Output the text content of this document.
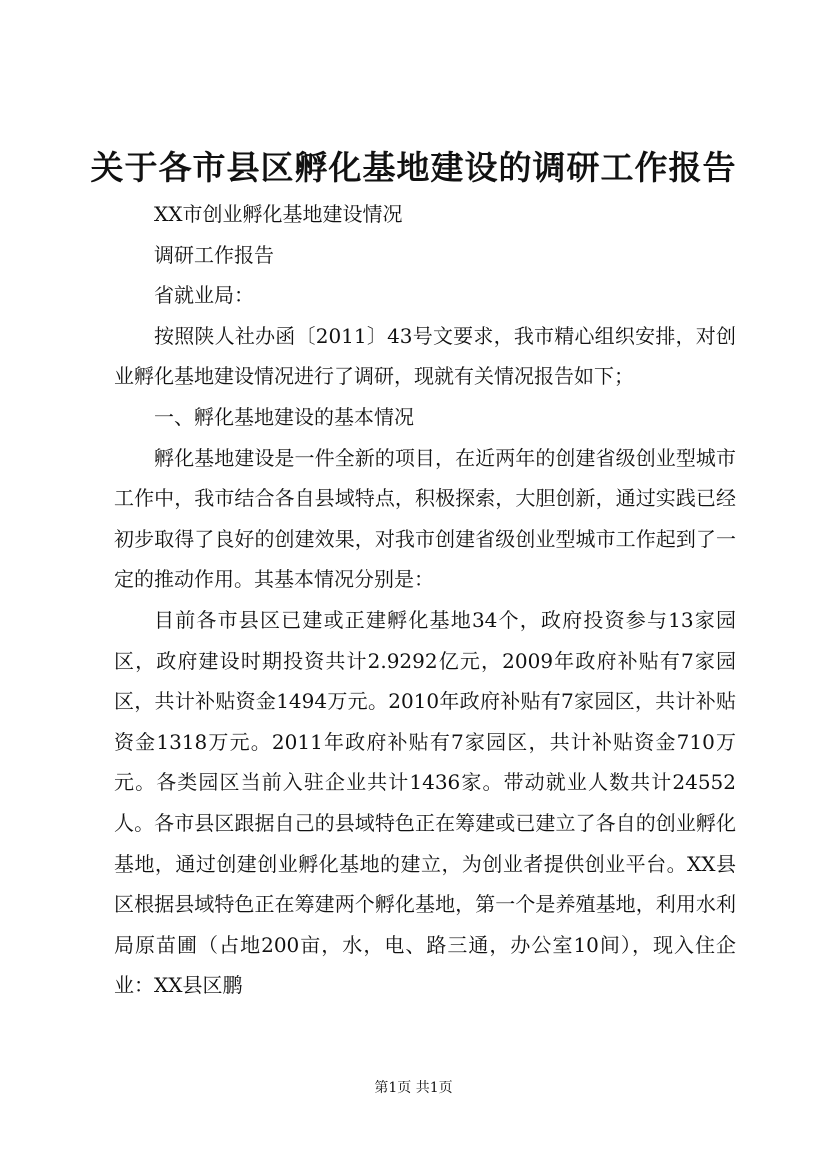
关于各市县区孵化基地建设的调研工作报告

XX市创业孵化基地建设情况

调研工作报告

省就业局：

按照陕人社办函〔2011〕43号文要求，我市精心组织安排，对创业孵化基地建设情况进行了调研，现就有关情况报告如下；

一、孵化基地建设的基本情况

孵化基地建设是一件全新的项目，在近两年的创建省级创业型城市工作中，我市结合各自县域特点，积极探索，大胆创新，通过实践已经初步取得了良好的创建效果，对我市创建省级创业型城市工作起到了一定的推动作用。其基本情况分别是：

目前各市县区已建或正建孵化基地34个，政府投资参与13家园区，政府建设时期投资共计2.9292亿元，2009年政府补贴有7家园区，共计补贴资金1494万元。2010年政府补贴有7家园区，共计补贴资金1318万元。2011年政府补贴有7家园区，共计补贴资金710万元。各类园区当前入驻企业共计1436家。带动就业人数共计24552人。各市县区跟据自己的县域特色正在筹建或已建立了各自的创业孵化基地，通过创建创业孵化基地的建立，为创业者提供创业平台。XX县区根据县域特色正在筹建两个孵化基地，第一个是养殖基地，利用水利局原苗圃（占地200亩，水，电、路三通，办公室10间），现入住企业：XX县区鹏

第1页 共1页
